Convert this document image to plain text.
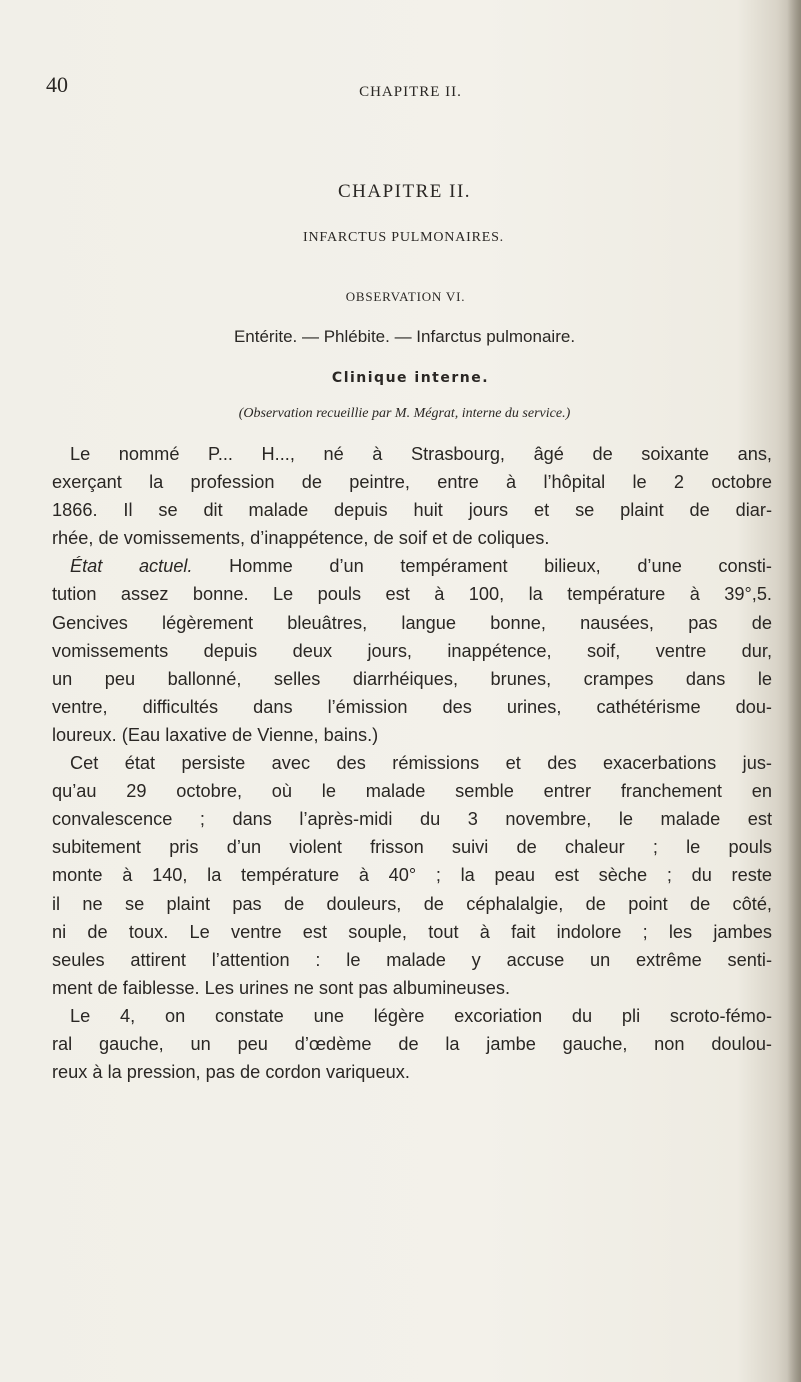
40	CHAPITRE II.
CHAPITRE II.
INFARCTUS PULMONAIRES.
OBSERVATION VI.
Entérite. — Phlébite. — Infarctus pulmonaire.
Clinique interne.
(Observation recueillie par M. Mégrat, interne du service.)
Le nommé P... H..., né à Strasbourg, âgé de soixante ans,
exerçant la profession de peintre, entre à l’hôpital le 2 octobre
1866. Il se dit malade depuis huit jours et se plaint de diar-
rhée, de vomissements, d’inappétence, de soif et de coliques.
État actuel. Homme d’un tempérament bilieux, d’une consti-
tution assez bonne. Le pouls est à 100, la température à 39°,5.
Gencives légèrement bleuâtres, langue bonne, nausées, pas de
vomissements depuis deux jours, inappétence, soif, ventre dur,
un peu ballonné, selles diarrhéiques, brunes, crampes dans le
ventre, difficultés dans l’émission des urines, cathétérisme dou-
loureux. (Eau laxative de Vienne, bains.)
Cet état persiste avec des rémissions et des exacerbations jus-
qu’au 29 octobre, où le malade semble entrer franchement en
convalescence ; dans l’après-midi du 3 novembre, le malade est
subitement pris d’un violent frisson suivi de chaleur ; le pouls
monte à 140, la température à 40° ; la peau est sèche ; du reste
il ne se plaint pas de douleurs, de céphalalgie, de point de côté,
ni de toux. Le ventre est souple, tout à fait indolore ; les jambes
seules attirent l’attention : le malade y accuse un extrême senti-
ment de faiblesse. Les urines ne sont pas albumineuses.
Le 4, on constate une légère excoriation du pli scroto-fémo-
ral gauche, un peu d’œdème de la jambe gauche, non doulou-
reux à la pression, pas de cordon variqueux.
